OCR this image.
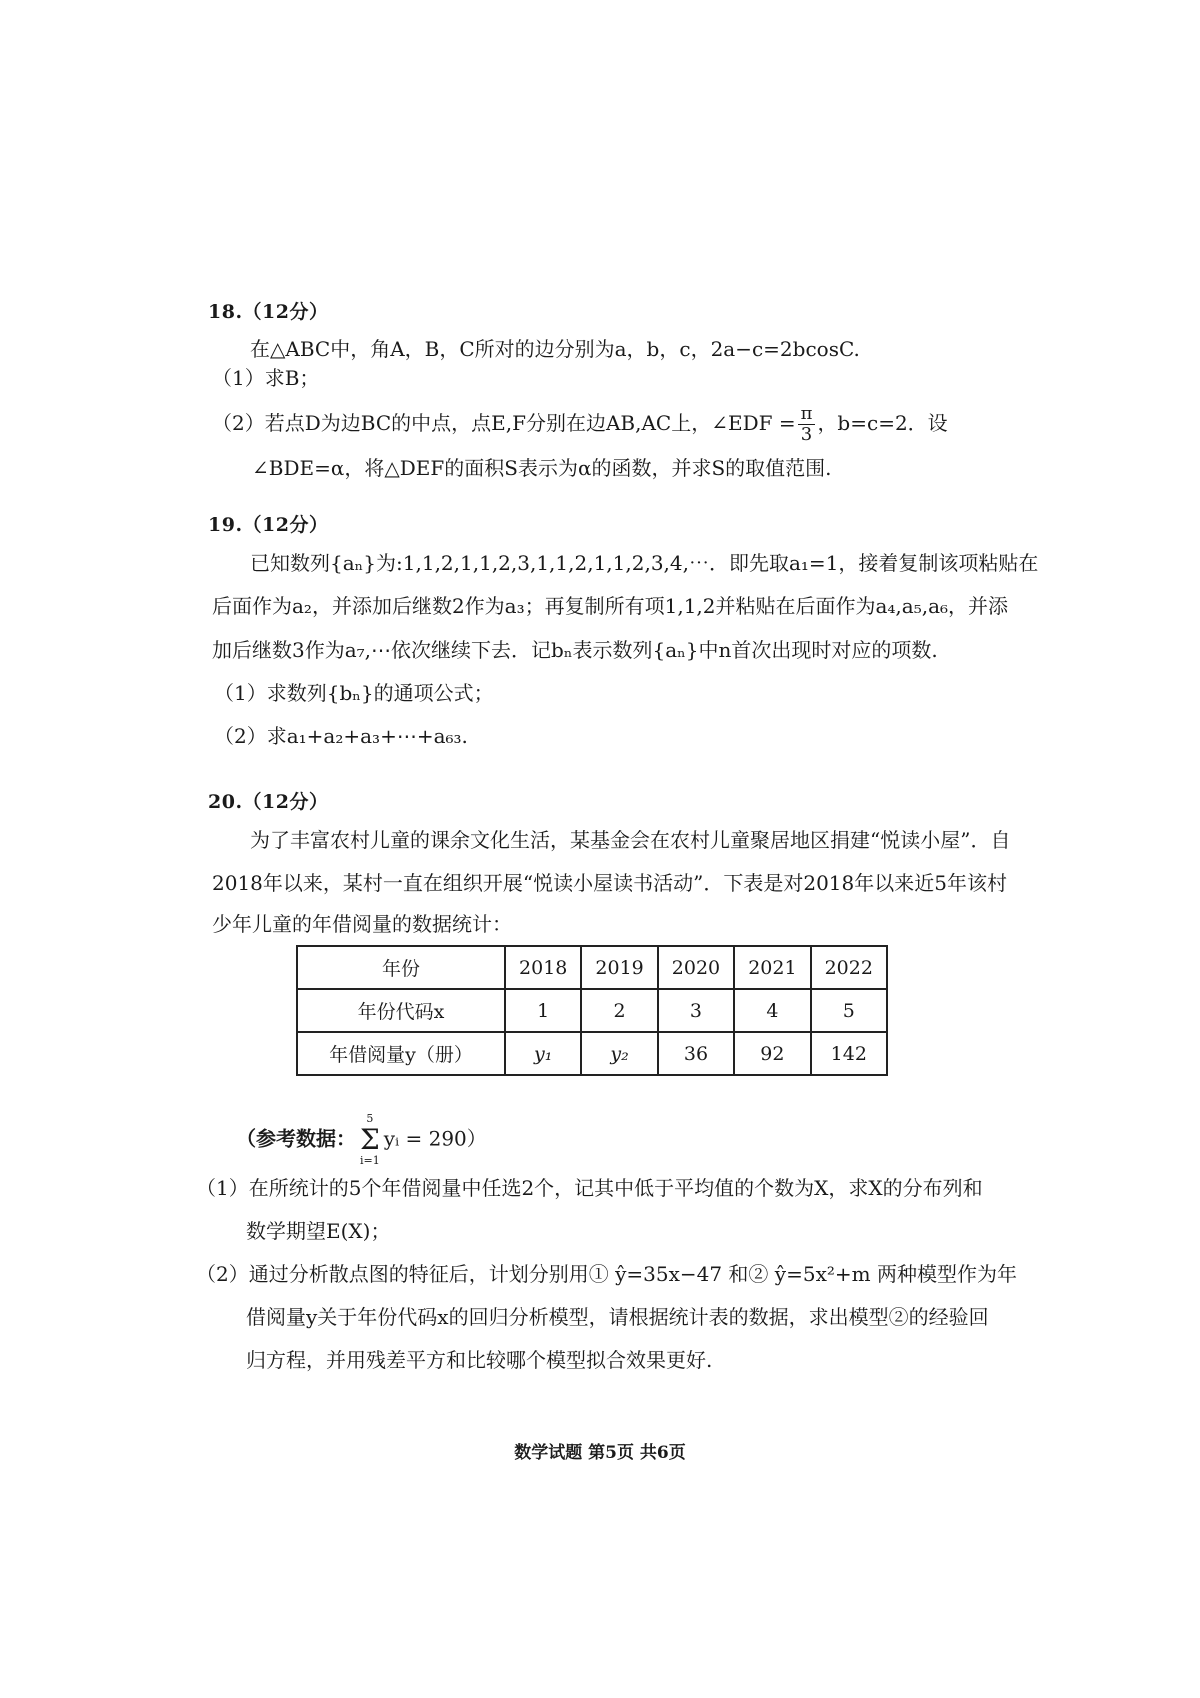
18.（12分）
在△ABC中，角A，B，C所对的边分别为a，b，c，2a−c=2bcosC.
（1）求B；
（2）若点D为边BC的中点，点E,F分别在边AB,AC上，∠EDF = $\frac{\pi}{3}$ ，b=c=2．设
∠BDE=α，将△DEF的面积S表示为α的函数，并求S的取值范围.
19.（12分）
已知数列{aₙ}为:1,1,2,1,1,2,3,1,1,2,1,1,2,3,4,⋯．即先取a₁=1，接着复制该项粘贴在
后面作为a₂，并添加后继数2作为a₃；再复制所有项1,1,2并粘贴在后面作为a₄,a₅,a₆，并添
加后继数3作为a₇,⋯依次继续下去．记bₙ表示数列{aₙ}中n首次出现时对应的项数.
（1）求数列{bₙ}的通项公式；
（2）求a₁+a₂+a₃+⋯+a₆₃.
20.（12分）
为了丰富农村儿童的课余文化生活，某基金会在农村儿童聚居地区捐建“悦读小屋”．自
2018年以来，某村一直在组织开展“悦读小屋读书活动”．下表是对2018年以来近5年该村
少年儿童的年借阅量的数据统计：
年份	2018	2019	2020	2021	2022
年份代码x	1	2	3	4	5
年借阅量y（册）	y₁	y₂	36	92	142
（参考数据：
5
Σ
i=1
yᵢ = 290）
（1）在所统计的5个年借阅量中任选2个，记其中低于平均值的个数为X，求X的分布列和
数学期望E(X)；
（2）通过分析散点图的特征后，计划分别用① ŷ=35x−47 和② ŷ=5x²+m 两种模型作为年
借阅量y关于年份代码x的回归分析模型，请根据统计表的数据，求出模型②的经验回
归方程，并用残差平方和比较哪个模型拟合效果更好.
数学试题 第5页 共6页
